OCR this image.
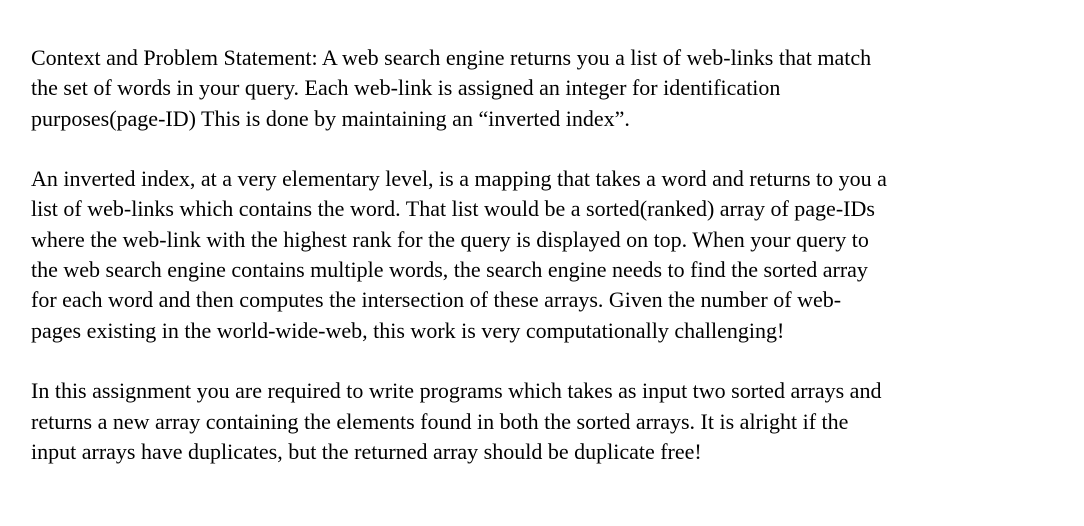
Context and Problem Statement: A web search engine returns you a list of web-links that match
the set of words in your query. Each web-link is assigned an integer for identification
purposes(page-ID) This is done by maintaining an “inverted index”.

An inverted index, at a very elementary level, is a mapping that takes a word and returns to you a
list of web-links which contains the word. That list would be a sorted(ranked) array of page-IDs
where the web-link with the highest rank for the query is displayed on top. When your query to
the web search engine contains multiple words, the search engine needs to find the sorted array
for each word and then computes the intersection of these arrays. Given the number of web-
pages existing in the world-wide-web, this work is very computationally challenging!

In this assignment you are required to write programs which takes as input two sorted arrays and
returns a new array containing the elements found in both the sorted arrays. It is alright if the
input arrays have duplicates, but the returned array should be duplicate free!
